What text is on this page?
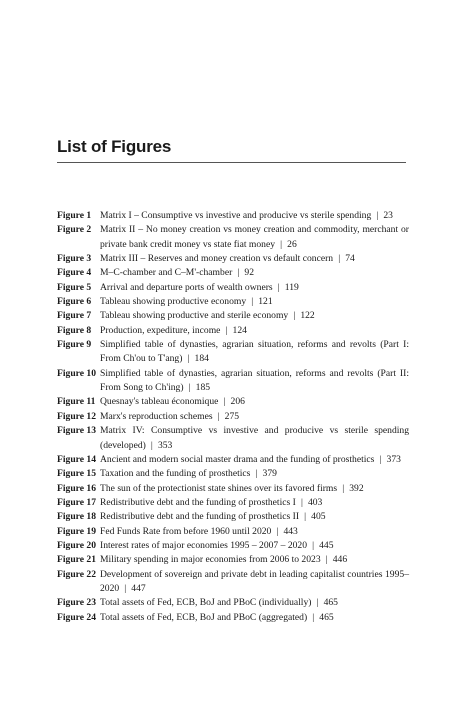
List of Figures
Figure 1 Matrix I – Consumptive vs investive and producive vs sterile spending | 23
Figure 2 Matrix II – No money creation vs money creation and commodity, merchant or private bank credit money vs state fiat money | 26
Figure 3 Matrix III – Reserves and money creation vs default concern | 74
Figure 4 M–C-chamber and C–M'-chamber | 92
Figure 5 Arrival and departure ports of wealth owners | 119
Figure 6 Tableau showing productive economy | 121
Figure 7 Tableau showing productive and sterile economy | 122
Figure 8 Production, expediture, income | 124
Figure 9 Simplified table of dynasties, agrarian situation, reforms and revolts (Part I: From Ch'ou to T'ang) | 184
Figure 10 Simplified table of dynasties, agrarian situation, reforms and revolts (Part II: From Song to Ch'ing) | 185
Figure 11 Quesnay's tableau économique | 206
Figure 12 Marx's reproduction schemes | 275
Figure 13 Matrix IV: Consumptive vs investive and producive vs sterile spending (developed) | 353
Figure 14 Ancient and modern social master drama and the funding of prosthetics | 373
Figure 15 Taxation and the funding of prosthetics | 379
Figure 16 The sun of the protectionist state shines over its favored firms | 392
Figure 17 Redistributive debt and the funding of prosthetics I | 403
Figure 18 Redistributive debt and the funding of prosthetics II | 405
Figure 19 Fed Funds Rate from before 1960 until 2020 | 443
Figure 20 Interest rates of major economies 1995 – 2007 – 2020 | 445
Figure 21 Military spending in major economies from 2006 to 2023 | 446
Figure 22 Development of sovereign and private debt in leading capitalist countries 1995–2020 | 447
Figure 23 Total assets of Fed, ECB, BoJ and PBoC (individually) | 465
Figure 24 Total assets of Fed, ECB, BoJ and PBoC (aggregated) | 465
